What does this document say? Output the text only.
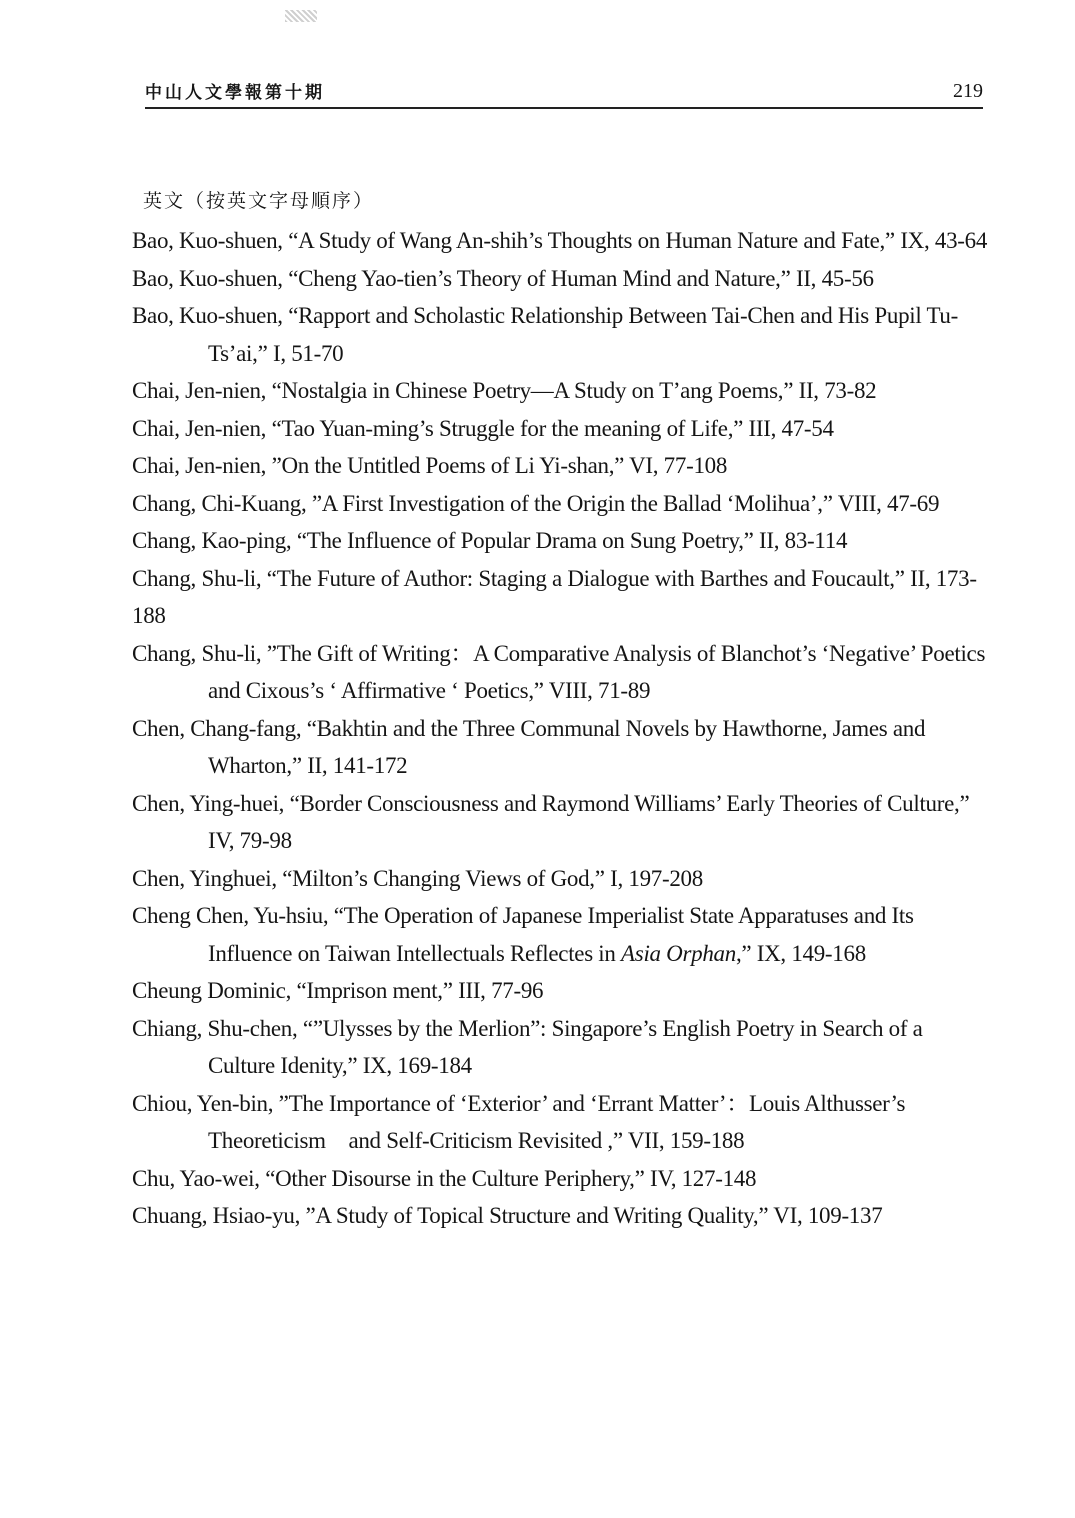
中山人文學報第十期	219
英文（按英文字母順序）

Bao, Kuo-shuen, “A Study of Wang An-shih’s Thoughts on Human Nature and Fate,” IX, 43-64

Bao, Kuo-shuen, “Cheng Yao-tien’s Theory of Human Mind and Nature,” II, 45-56

Bao, Kuo-shuen, “Rapport and Scholastic Relationship Between Tai-Chen and His Pupil Tu-Ts’ai,” I, 51-70

Chai, Jen-nien, “Nostalgia in Chinese Poetry—A Study on T’ang Poems,” II, 73-82

Chai, Jen-nien, “Tao Yuan-ming’s Struggle for the meaning of Life,” III, 47-54

Chai, Jen-nien, ”On the Untitled Poems of Li Yi-shan,” VI, 77-108

Chang, Chi-Kuang, ”A First Investigation of the Origin the Ballad ‘Molihua’,” VIII, 47-69

Chang, Kao-ping, “The Influence of Popular Drama on Sung Poetry,” II, 83-114

Chang, Shu-li, “The Future of Author: Staging a Dialogue with Barthes and Foucault,” II, 173-188

Chang, Shu-li, ”The Gift of Writing：A Comparative Analysis of Blanchot’s ‘Negative’ Poetics and Cixous’s ‘ Affirmative ‘ Poetics,” VIII, 71-89

Chen, Chang-fang, “Bakhtin and the Three Communal Novels by Hawthorne, James and Wharton,” II, 141-172

Chen, Ying-huei, “Border Consciousness and Raymond Williams’ Early Theories of Culture,” IV, 79-98

Chen, Yinghuei, “Milton’s Changing Views of God,” I, 197-208

Cheng Chen, Yu-hsiu, “The Operation of Japanese Imperialist State Apparatuses and Its Influence on Taiwan Intellectuals Reflectes in Asia Orphan,” IX, 149-168

Cheung Dominic, “Imprison ment,” III, 77-96

Chiang, Shu-chen, “”Ulysses by the Merlion”: Singapore’s English Poetry in Search of a Culture Idenity,” IX, 169-184

Chiou, Yen-bin, ”The Importance of ‘Exterior’ and ‘Errant Matter’：Louis Althusser’s Theoreticism　and Self-Criticism Revisited ,” VII, 159-188

Chu, Yao-wei, “Other Disourse in the Culture Periphery,” IV, 127-148

Chuang, Hsiao-yu, ”A Study of Topical Structure and Writing Quality,” VI, 109-137
